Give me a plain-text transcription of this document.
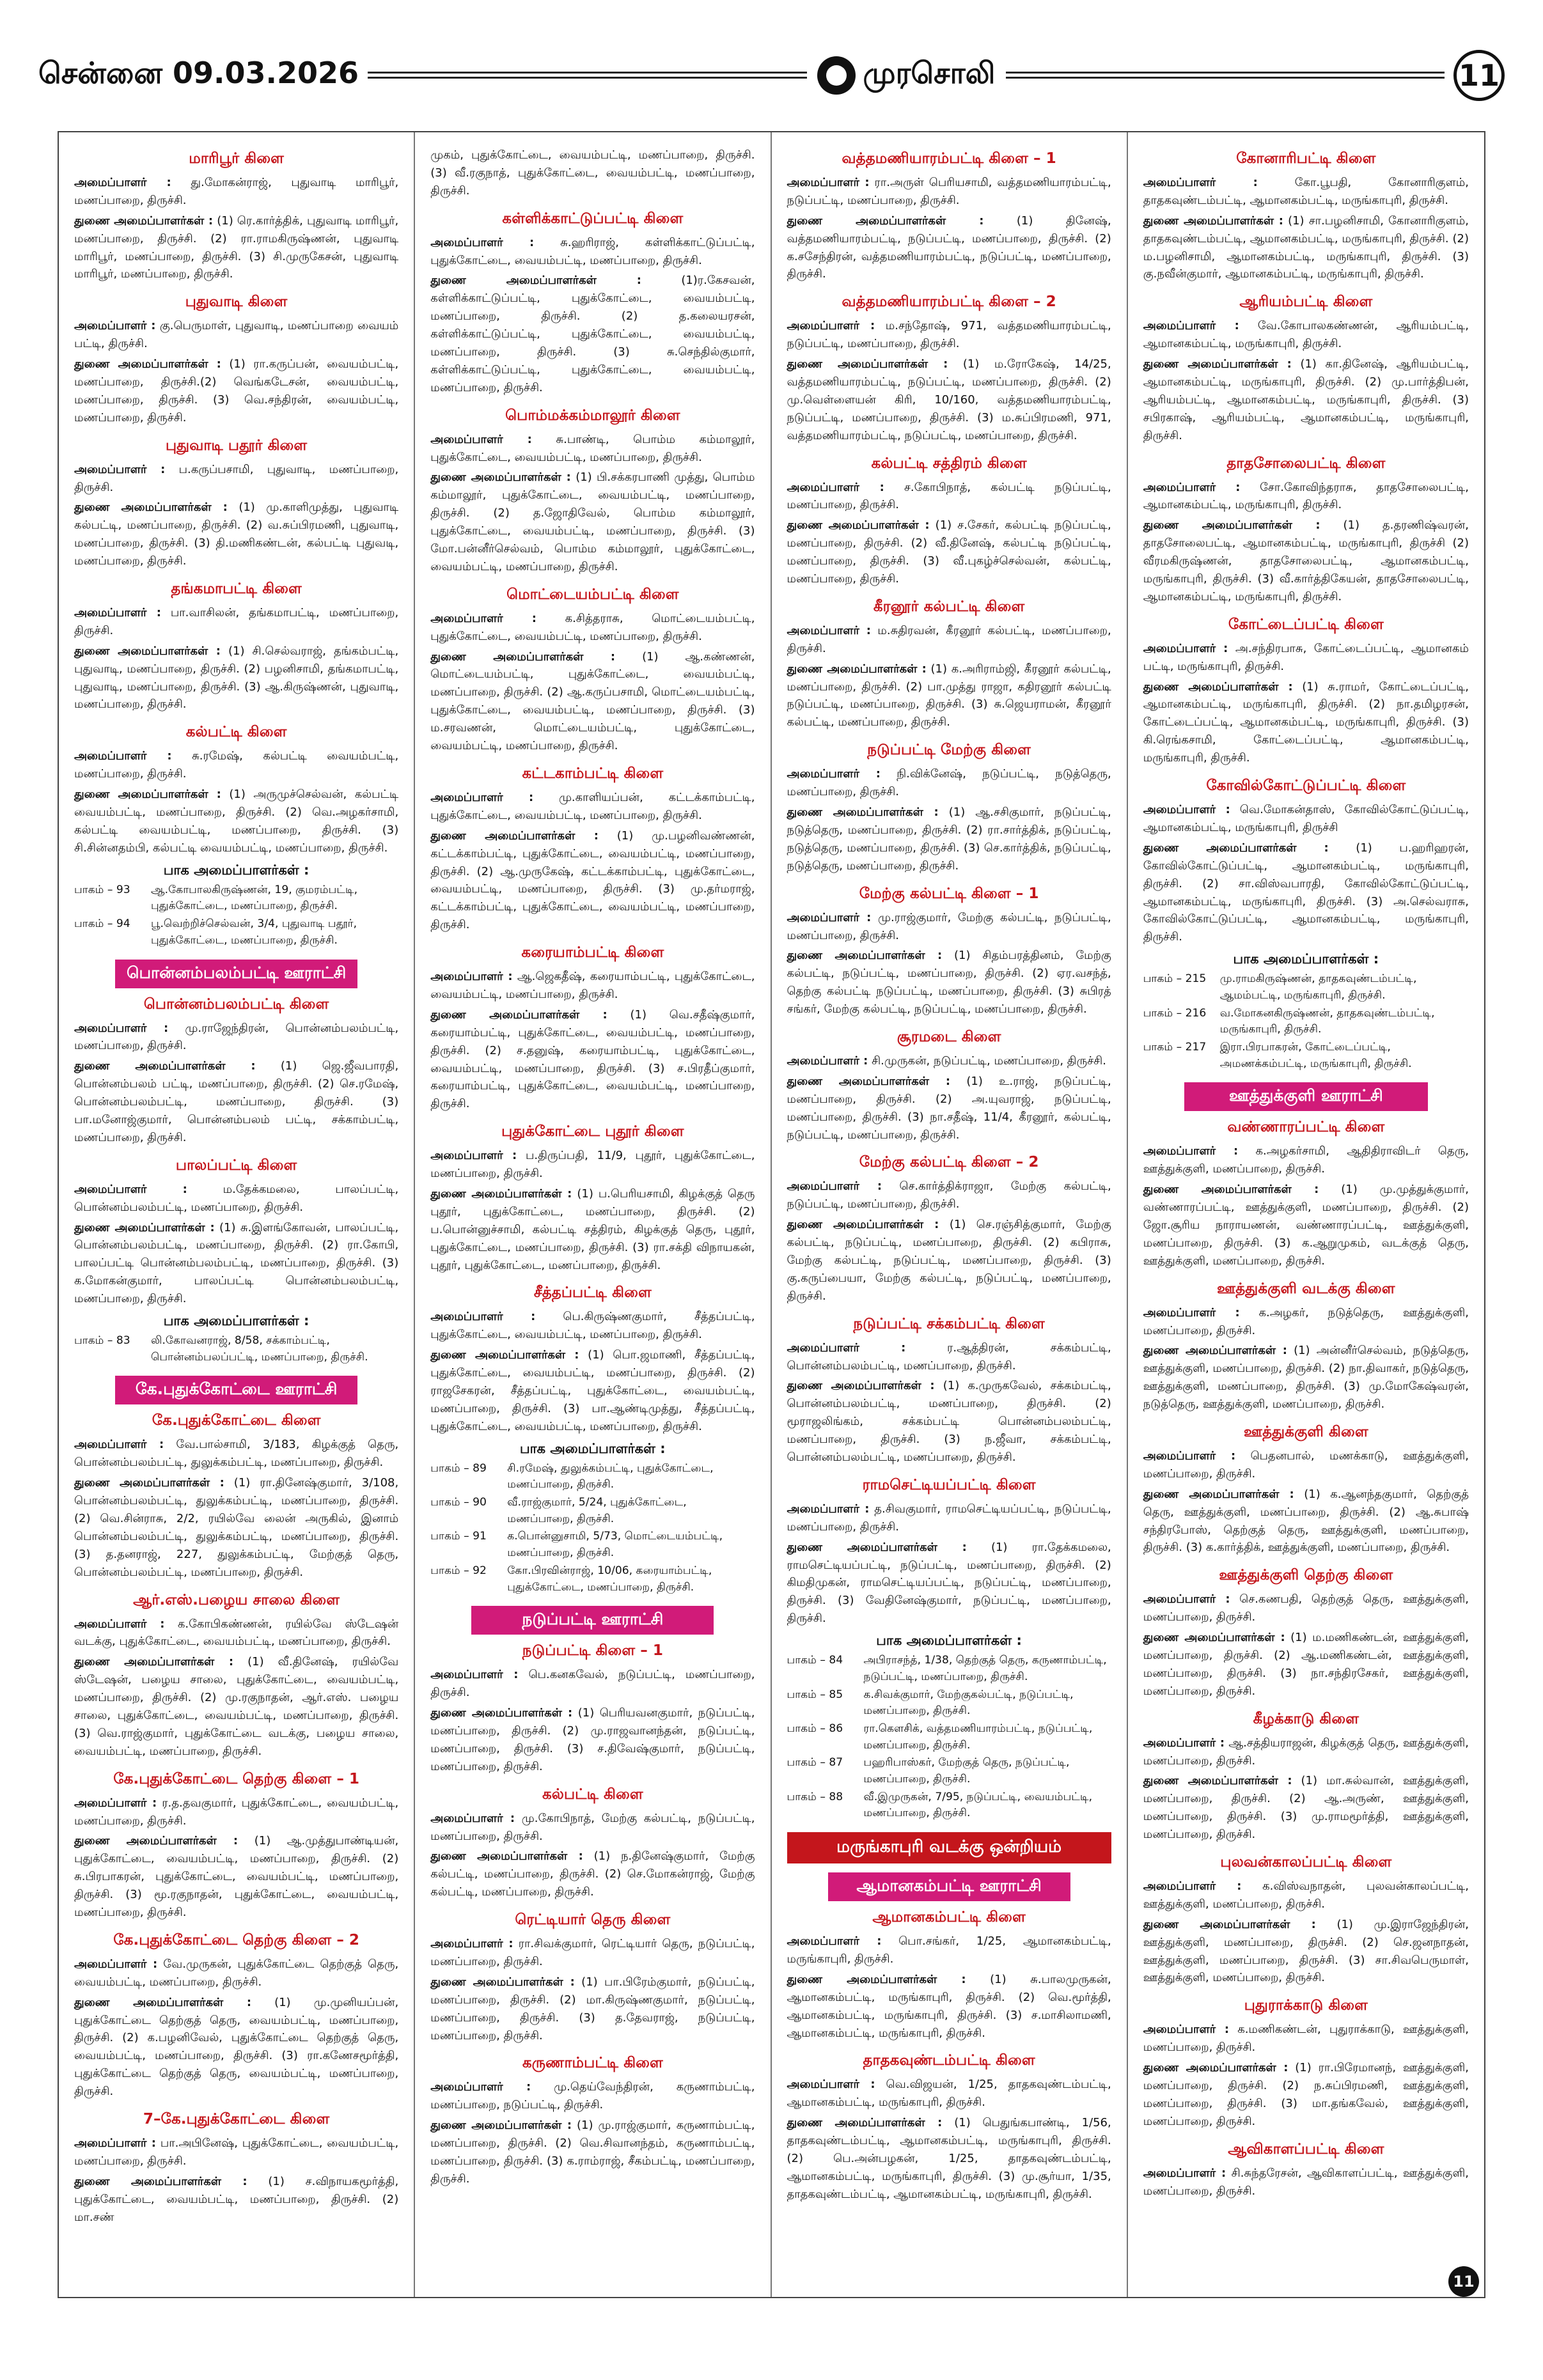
சென்னை 09.03.2026	முரசொலி	11
மாரிபூர் கிளை

அமைப்பாளர் : து.மோகன்ராஜ், புதுவாடி மாரிபூர், மணப்பாறை, திருச்சி.

துணை அமைப்பாளர்கள் : (1) ரெ.கார்த்திக், புதுவாடி மாரிபூர், மணப்பாறை, திருச்சி. (2) ரா.ராமகிருஷ்ணன், புதுவாடி மாரிபூர், மணப்பாறை, திருச்சி. (3) சி.முருகேசன், புதுவாடி மாரிபூர், மணப்பாறை, திருச்சி.

புதுவாடி கிளை

அமைப்பாளர் : கு.பெருமாள், புதுவாடி, மணப்பாறை வையம் பட்டி, திருச்சி.

துணை அமைப்பாளர்கள் : (1) ரா.கருப்பன், வையம்பட்டி, மணப்பாறை, திருச்சி.(2) வெங்கடேசன், வையம்பட்டி, மணப்பாறை, திருச்சி. (3) வெ.சந்திரன், வையம்பட்டி, மணப்பாறை, திருச்சி.

புதுவாடி பதூர் கிளை

அமைப்பாளர் : ப.கருப்பசாமி, புதுவாடி, மணப்பாறை, திருச்சி.

துணை அமைப்பாளர்கள் : (1) மு.காளிமுத்து, புதுவாடி கல்பட்டி, மணப்பாறை, திருச்சி. (2) வ.சுப்பிரமணி, புதுவாடி, மணப்பாறை, திருச்சி. (3) தி.மணிகண்டன், கல்பட்டி புதுவடி, மணப்பாறை, திருச்சி.

தங்கமாபட்டி கிளை

அமைப்பாளர் : பா.வாசிலன், தங்கமாபட்டி, மணப்பாறை, திருச்சி.

துணை அமைப்பாளர்கள் : (1) சி.செல்வராஜ், தங்கம்பட்டி, புதுவாடி, மணப்பாறை, திருச்சி. (2) பழனிசாமி, தங்கமாபட்டி, புதுவாடி, மணப்பாறை, திருச்சி. (3) ஆ.கிருஷ்ணன், புதுவாடி, மணப்பாறை, திருச்சி.

கல்பட்டி கிளை

அமைப்பாளர் : சு.ரமேஷ், கல்பட்டி வையம்பட்டி, மணப்பாறை, திருச்சி.

துணை அமைப்பாளர்கள் : (1) அருமுச்செல்வன், கல்பட்டி வையம்பட்டி, மணப்பாறை, திருச்சி. (2) வெ.அழகர்சாமி, கல்பட்டி வையம்பட்டி, மணப்பாறை, திருச்சி. (3) சி.சின்னதம்பி, கல்பட்டி வையம்பட்டி, மணப்பாறை, திருச்சி.

பாக அமைப்பாளர்கள் :
பாகம் – 93	ஆ.கோபாலகிருஷ்ணன், 19, குமரம்பட்டி, புதுக்கோட்டை, மணப்பாறை, திருச்சி.
பாகம் – 94	பூ.வெற்றிச்செல்வன், 3/4, புதுவாடி பதூர், புதுக்கோட்டை, மணப்பாறை, திருச்சி.
பொன்னம்பலம்பட்டி ஊராட்சி
பொன்னம்பலம்பட்டி கிளை

அமைப்பாளர் : மு.ராஜேந்திரன், பொன்னம்பலம்பட்டி, மணப்பாறை, திருச்சி.

துணை அமைப்பாளர்கள் : (1) ஜெ.ஜீவபாரதி, பொன்னம்பலம் பட்டி, மணப்பாறை, திருச்சி. (2) செ.ரமேஷ், பொன்னம்பலம்பட்டி, மணப்பாறை, திருச்சி. (3) பா.மனோஜ்குமார், பொன்னம்பலம் பட்டி, சக்காம்பட்டி, மணப்பாறை, திருச்சி.

பாலப்பட்டி கிளை

அமைப்பாளர் :	ம.தேக்கமலை, பாலப்பட்டி, பொன்னம்பலம்பட்டி, மணப்பாறை, திருச்சி.

துணை அமைப்பாளர்கள் : (1) சு.இளங்கோவன், பாலப்பட்டி, பொன்னம்பலம்பட்டி, மணப்பாறை, திருச்சி. (2) ரா.கோபி, பாலப்பட்டி பொன்னம்பலம்பட்டி, மணப்பாறை, திருச்சி. (3) க.மோகன்குமார், பாலப்பட்டி பொன்னம்பலம்பட்டி, மணப்பாறை, திருச்சி.

பாக அமைப்பாளர்கள் :
பாகம் – 83	லி.கோவனராஜ், 8/58, சக்காம்பட்டி, பொன்னம்பலப்பட்டி, மணப்பாறை, திருச்சி.
கே.புதுக்கோட்டை ஊராட்சி
கே.புதுக்கோட்டை கிளை

அமைப்பாளர் : வே.பால்சாமி, 3/183, கிழக்குத் தெரு, பொன்னம்பலம்பட்டி, துலுக்கம்பட்டி, மணப்பாறை, திருச்சி.

துணை அமைப்பாளர்கள் : (1) ரா.தினேஷ்குமார், 3/108, பொன்னம்பலம்பட்டி, துலுக்கம்பட்டி, மணப்பாறை, திருச்சி. (2) வெ.சின்ராசு, 2/2, ரயில்வே லைன் அருகில், இனாம் பொன்னம்பலம்பட்டி, துலுக்கம்பட்டி, மணப்பாறை, திருச்சி. (3) த.தனராஜ், 227, துலுக்கம்பட்டி, மேற்குத் தெரு, பொன்னம்பலம்பட்டி, மணப்பாறை, திருச்சி.

ஆர்.எஸ்.பழைய சாலை கிளை

அமைப்பாளர் : க.கோபிகண்ணன், ரயில்வே ஸ்டேஷன் வடக்கு, புதுக்கோட்டை, வையம்பட்டி, மணப்பாறை, திருச்சி.

துணை அமைப்பாளர்கள் : (1) வீ.தினேஷ், ரயில்வே ஸ்டேஷன், பழைய சாலை, புதுக்கோட்டை, வையம்பட்டி, மணப்பாறை, திருச்சி. (2) மு.ரகுநாதன், ஆர்.எஸ். பழைய சாலை, புதுக்கோட்டை, வையம்பட்டி, மணப்பாறை, திருச்சி. (3) வெ.ராஜ்குமார், புதுக்கோட்டை வடக்கு, பழைய சாலை, வையம்பட்டி, மணப்பாறை, திருச்சி.

கே.புதுக்கோட்டை தெற்கு கிளை – 1

அமைப்பாளர் : ர.த.தவகுமார், புதுக்கோட்டை, வையம்பட்டி, மணப்பாறை, திருச்சி.

துணை அமைப்பாளர்கள் : (1) ஆ.முத்துபாண்டியன், புதுக்கோட்டை, வையம்பட்டி, மணப்பாறை, திருச்சி. (2) சு.பிரபாகரன், புதுக்கோட்டை, வையம்பட்டி, மணப்பாறை, திருச்சி. (3) மூ.ரகுநாதன், புதுக்கோட்டை, வையம்பட்டி, மணப்பாறை, திருச்சி.

கே.புதுக்கோட்டை தெற்கு கிளை – 2

அமைப்பாளர் : வே.முருகன், புதுக்கோட்டை தெற்குத் தெரு, வையம்பட்டி, மணப்பாறை, திருச்சி.

துணை அமைப்பாளர்கள் : (1) மு.முனியப்பன், புதுக்கோட்டை தெற்குத் தெரு, வையம்பட்டி, மணப்பாறை, திருச்சி. (2) க.பழனிவேல், புதுக்கோட்டை தெற்குத் தெரு, வையம்பட்டி, மணப்பாறை, திருச்சி. (3) ரா.கணேசமூர்த்தி, புதுக்கோட்டை தெற்குத் தெரு, வையம்பட்டி, மணப்பாறை, திருச்சி.

7–கே.புதுக்கோட்டை கிளை

அமைப்பாளர் : பா.அபினேஷ், புதுக்கோட்டை, வையம்பட்டி, மணப்பாறை, திருச்சி.

துணை அமைப்பாளர்கள் : (1) ச.விநாயகமூர்த்தி, புதுக்கோட்டை, வையம்பட்டி, மணப்பாறை, திருச்சி. (2) மா.சண்

முகம், புதுக்கோட்டை, வையம்பட்டி, மணப்பாறை, திருச்சி. (3) வீ.ரகுநாத், புதுக்கோட்டை, வையம்பட்டி, மணப்பாறை, திருச்சி.

கள்ளிக்காட்டுப்பட்டி கிளை

அமைப்பாளர் : சு.ஹரிராஜ், கள்ளிக்காட்டுப்பட்டி, புதுக்கோட்டை, வையம்பட்டி, மணப்பாறை, திருச்சி.

துணை அமைப்பாளர்கள் :	(1)ர.கேசவன், கள்ளிக்காட்டுப்பட்டி, புதுக்கோட்டை, வையம்பட்டி, மணப்பாறை, திருச்சி. (2) த.கலையரசன், கள்ளிக்காட்டுப்பட்டி, புதுக்கோட்டை, வையம்பட்டி, மணப்பாறை, திருச்சி. (3) சு.செந்தில்குமார், கள்ளிக்காட்டுப்பட்டி, புதுக்கோட்டை, வையம்பட்டி, மணப்பாறை, திருச்சி.

பொம்மக்கம்மாலூர் கிளை

அமைப்பாளர் : சு.பாண்டி, பொம்ம கம்மாலூர், புதுக்கோட்டை, வையம்பட்டி, மணப்பாறை, திருச்சி.

துணை அமைப்பாளர்கள் : (1) பி.சக்கரபாணி முத்து, பொம்ம கம்மாலூர், புதுக்கோட்டை, வையம்பட்டி, மணப்பாறை, திருச்சி. (2) த.ஜோதிவேல், பொம்ம கம்மாலூர், புதுக்கோட்டை, வையம்பட்டி, மணப்பாறை, திருச்சி. (3) மோ.பன்னீர்செல்வம், பொம்ம கம்மாலூர், புதுக்கோட்டை, வையம்பட்டி, மணப்பாறை, திருச்சி.

மொட்டையம்பட்டி கிளை

அமைப்பாளர் : க.சித்தராசு, மொட்டையம்பட்டி, புதுக்கோட்டை, வையம்பட்டி, மணப்பாறை, திருச்சி.

துணை அமைப்பாளர்கள் : (1) ஆ.கண்ணன், மொட்டையம்பட்டி, புதுக்கோட்டை, வையம்பட்டி, மணப்பாறை, திருச்சி. (2) ஆ.கருப்பசாமி, மொட்டையம்பட்டி, புதுக்கோட்டை, வையம்பட்டி, மணப்பாறை, திருச்சி. (3) ம.சரவணன், மொட்டையம்பட்டி, புதுக்கோட்டை, வையம்பட்டி, மணப்பாறை, திருச்சி.

கட்டகாம்பட்டி கிளை

அமைப்பாளர் : மு.காளியப்பன், கட்டக்காம்பட்டி, புதுக்கோட்டை, வையம்பட்டி, மணப்பாறை, திருச்சி.

துணை அமைப்பாளர்கள் : (1) மு.பழனிவண்ணன், கட்டக்காம்பட்டி, புதுக்கோட்டை, வையம்பட்டி, மணப்பாறை, திருச்சி. (2) ஆ.முருகேஷ், கட்டக்காம்பட்டி, புதுக்கோட்டை, வையம்பட்டி, மணப்பாறை, திருச்சி. (3) மு.தர்மராஜ், கட்டக்காம்பட்டி, புதுக்கோட்டை, வையம்பட்டி, மணப்பாறை, திருச்சி.

கரையாம்பட்டி கிளை

அமைப்பாளர் : ஆ.ஜெகதீஷ், கரையாம்பட்டி, புதுக்கோட்டை, வையம்பட்டி, மணப்பாறை, திருச்சி.

துணை அமைப்பாளர்கள் : (1) வெ.சதீஷ்குமார், கரையாம்பட்டி, புதுக்கோட்டை, வையம்பட்டி, மணப்பாறை, திருச்சி. (2) ச.தனுஷ், கரையாம்பட்டி, புதுக்கோட்டை, வையம்பட்டி, மணப்பாறை, திருச்சி. (3) ச.பிரதீப்குமார், கரையாம்பட்டி, புதுக்கோட்டை, வையம்பட்டி, மணப்பாறை, திருச்சி.

புதுக்கோட்டை புதூர் கிளை

அமைப்பாளர் : ப.திருப்பதி, 11/9, புதூர், புதுக்கோட்டை, மணப்பாறை, திருச்சி.

துணை அமைப்பாளர்கள் : (1) ப.பெரியசாமி, கிழக்குத் தெரு புதூர், புதுக்கோட்டை, மணப்பாறை, திருச்சி. (2) ப.பொன்னுச்சாமி, கல்பட்டி சத்திரம், கிழக்குத் தெரு, புதூர், புதுக்கோட்டை, மணப்பாறை, திருச்சி. (3) ரா.சக்தி விநாயகன், புதூர், புதுக்கோட்டை, மணப்பாறை, திருச்சி.

சீத்தப்பட்டி கிளை

அமைப்பாளர் : பெ.கிருஷ்ணகுமார், சீத்தப்பட்டி, புதுக்கோட்டை, வையம்பட்டி, மணப்பாறை, திருச்சி.

துணை அமைப்பாளர்கள் : (1) பொ.ஜமாணி, சீத்தப்பட்டி, புதுக்கோட்டை, வையம்பட்டி, மணப்பாறை, திருச்சி. (2) ராஜசேகரன், சீத்தப்பட்டி, புதுக்கோட்டை, வையம்பட்டி, மணப்பாறை, திருச்சி. (3) பா.ஆண்டிமுத்து, சீத்தப்பட்டி, புதுக்கோட்டை, வையம்பட்டி, மணப்பாறை, திருச்சி.

பாக அமைப்பாளர்கள் :
பாகம் – 89	சி.ரமேஷ், துலுக்கம்பட்டி, புதுக்கோட்டை, மணப்பாறை, திருச்சி.
பாகம் – 90	வீ.ராஜ்குமார், 5/24, புதுக்கோட்டை, மணப்பாறை, திருச்சி.
பாகம் – 91	க.பொன்னுசாமி, 5/73, மொட்டையம்பட்டி, மணப்பாறை, திருச்சி.
பாகம் – 92	கோ.பிரவின்ராஜ், 10/06, கரையாம்பட்டி, புதுக்கோட்டை, மணப்பாறை, திருச்சி.
நடுப்பட்டி ஊராட்சி
நடுப்பட்டி கிளை – 1

அமைப்பாளர் : பெ.கனகவேல், நடுப்பட்டி, மணப்பாறை, திருச்சி.

துணை அமைப்பாளர்கள் : (1) பெரியவனகுமார், நடுப்பட்டி, மணப்பாறை, திருச்சி. (2) மு.ராஜவானந்தன், நடுப்பட்டி, மணப்பாறை, திருச்சி. (3) ச.திவேஷ்குமார், நடுப்பட்டி, மணப்பாறை, திருச்சி.

கல்பட்டி கிளை

அமைப்பாளர் : மு.கோபிநாத், மேற்கு கல்பட்டி, நடுப்பட்டி, மணப்பாறை, திருச்சி.

துணை அமைப்பாளர்கள் : (1) ந.தினேஷ்குமார், மேற்கு கல்பட்டி, மணப்பாறை, திருச்சி. (2) செ.மோகன்ராஜ், மேற்கு கல்பட்டி, மணப்பாறை, திருச்சி.

ரெட்டியார் தெரு கிளை

அமைப்பாளர் : ரா.சிவக்குமார், ரெட்டியார் தெரு, நடுப்பட்டி, மணப்பாறை, திருச்சி.

துணை அமைப்பாளர்கள் : (1) பா.பிரேம்குமார், நடுப்பட்டி, மணப்பாறை, திருச்சி. (2) மா.கிருஷ்ணகுமார், நடுப்பட்டி, மணப்பாறை, திருச்சி. (3) த.தேவராஜ், நடுப்பட்டி, மணப்பாறை, திருச்சி.

கருணாம்பட்டி கிளை

அமைப்பாளர் : மு.தெய்வேந்திரன், கருணாம்பட்டி, மணப்பாறை, நடுப்பட்டி, திருச்சி.

துணை அமைப்பாளர்கள் : (1) மு.ராஜ்குமார், கருணாம்பட்டி, மணப்பாறை, திருச்சி. (2) வெ.சிவானந்தம், கருணாம்பட்டி, மணப்பாறை, திருச்சி. (3) க.ராம்ராஜ், சீகம்பட்டி, மணப்பாறை, திருச்சி.

வத்தமணியாரம்பட்டி கிளை – 1

அமைப்பாளர் : ரா.அருள் பெரியசாமி, வத்தமணியாரம்பட்டி, நடுப்பட்டி, மணப்பாறை, திருச்சி.

துணை அமைப்பாளர்கள் :	(1) தினேஷ், வத்தமணியாரம்பட்டி, நடுப்பட்டி, மணப்பாறை, திருச்சி. (2) க.சசேந்திரன், வத்தமணியாரம்பட்டி, நடுப்பட்டி, மணப்பாறை, திருச்சி.

வத்தமணியாரம்பட்டி கிளை – 2

அமைப்பாளர் : ம.சந்தோஷ், 971, வத்தமணியாரம்பட்டி, நடுப்பட்டி, மணப்பாறை, திருச்சி.

துணை அமைப்பாளர்கள் : (1) ம.ரோகேஷ், 14/25, வத்தமணியாரம்பட்டி, நடுப்பட்டி, மணப்பாறை, திருச்சி. (2) மு.வெள்ளையன் கிரி, 10/160, வத்தமணியாரம்பட்டி, நடுப்பட்டி, மணப்பாறை, திருச்சி. (3) ம.சுப்பிரமணி, 971, வத்தமணியாரம்பட்டி, நடுப்பட்டி, மணப்பாறை, திருச்சி.

கல்பட்டி சத்திரம் கிளை

அமைப்பாளர் : ச.கோபிநாத், கல்பட்டி நடுப்பட்டி, மணப்பாறை, திருச்சி.

துணை அமைப்பாளர்கள் : (1) ச.சேகர், கல்பட்டி நடுப்பட்டி, மணப்பாறை, திருச்சி. (2) வீ.தினேஷ், கல்பட்டி நடுப்பட்டி, மணப்பாறை, திருச்சி. (3) வீ.புகழ்ச்செல்வன், கல்பட்டி, மணப்பாறை, திருச்சி.

கீரனூர் கல்பட்டி கிளை

அமைப்பாளர் : ம.சுதிரவன், கீரனூர் கல்பட்டி, மணப்பாறை, திருச்சி.

துணை அமைப்பாளர்கள் : (1) க.அரிராம்ஜி, கீரனூர் கல்பட்டி, மணப்பாறை, திருச்சி. (2) பா.முத்து ராஜா, கதிரனூர் கல்பட்டி நடுப்பட்டி, மணப்பாறை, திருச்சி. (3) சு.ஜெயராமன், கீரனூர் கல்பட்டி, மணப்பாறை, திருச்சி.

நடுப்பட்டி மேற்கு கிளை

அமைப்பாளர் : நி.விக்னேஷ், நடுப்பட்டி, நடுத்தெரு, மணப்பாறை, திருச்சி.

துணை அமைப்பாளர்கள் : (1) ஆ.சசிகுமார், நடுப்பட்டி, நடுத்தெரு, மணப்பாறை, திருச்சி. (2) ரா.சார்த்திக், நடுப்பட்டி, நடுத்தெரு, மணப்பாறை, திருச்சி. (3) செ.கார்த்திக், நடுப்பட்டி, நடுத்தெரு, மணப்பாறை, திருச்சி.

மேற்கு கல்பட்டி கிளை – 1

அமைப்பாளர் : மு.ராஜ்குமார், மேற்கு கல்பட்டி, நடுப்பட்டி, மணப்பாறை, திருச்சி.

துணை அமைப்பாளர்கள் : (1) சிதம்பரத்தினம், மேற்கு கல்பட்டி, நடுப்பட்டி, மணப்பாறை, திருச்சி. (2) ஏர.வசந்த், தெற்கு கல்பட்டி நடுப்பட்டி, மணப்பாறை, திருச்சி. (3) சுபிரத் சங்கர், மேற்கு கல்பட்டி, நடுப்பட்டி, மணப்பாறை, திருச்சி.

சூரமடை கிளை

அமைப்பாளர் : சி.முருகன், நடுப்பட்டி, மணப்பாறை, திருச்சி.

துணை அமைப்பாளர்கள் : (1) உ.ராஜ், நடுப்பட்டி, மணப்பாறை, திருச்சி. (2) அ.யுவராஜ், நடுப்பட்டி, மணப்பாறை, திருச்சி. (3) நா.சதீஷ், 11/4, கீரனூர், கல்பட்டி, நடுப்பட்டி, மணப்பாறை, திருச்சி.

மேற்கு கல்பட்டி கிளை – 2

அமைப்பாளர் : செ.கார்த்திக்ராஜா, மேற்கு கல்பட்டி, நடுப்பட்டி, மணப்பாறை, திருச்சி.

துணை அமைப்பாளர்கள் : (1) செ.ரஞ்சித்குமார், மேற்கு கல்பட்டி, நடுப்பட்டி, மணப்பாறை, திருச்சி. (2) கபிராசு, மேற்கு கல்பட்டி, நடுப்பட்டி, மணப்பாறை, திருச்சி. (3) கு.கருப்பையா, மேற்கு கல்பட்டி, நடுப்பட்டி, மணப்பாறை, திருச்சி.

நடுப்பட்டி சக்கம்பட்டி கிளை

அமைப்பாளர் :	ர.ஆத்திரன், சக்கம்பட்டி, பொன்னம்பலம்பட்டி, மணப்பாறை, திருச்சி.

துணை அமைப்பாளர்கள் : (1) க.முருகவேல், சக்கம்பட்டி, பொன்னம்பலம்பட்டி, மணப்பாறை, திருச்சி. (2) மூராஜலிங்கம், சக்கம்பட்டி பொன்னம்பலம்பட்டி, மணப்பாறை, திருச்சி. (3) ந.ஜீவா, சக்கம்பட்டி, பொன்னம்பலம்பட்டி, மணப்பாறை, திருச்சி.

ராமசெட்டியப்பட்டி கிளை

அமைப்பாளர் : த.சிவகுமார், ராமசெட்டியப்பட்டி, நடுப்பட்டி, மணப்பாறை, திருச்சி.

துணை அமைப்பாளர்கள் : (1) ரா.தேக்கமலை, ராமசெட்டியப்பட்டி, நடுப்பட்டி, மணப்பாறை, திருச்சி. (2) கிமதிமுகன், ராமசெட்டியப்பட்டி, நடுப்பட்டி, மணப்பாறை, திருச்சி. (3) வேதினேஷ்குமார், நடுப்பட்டி, மணப்பாறை, திருச்சி.

பாக அமைப்பாளர்கள் :
பாகம் – 84	அபிராசந்த், 1/38, தெற்குத் தெரு, கருணாம்பட்டி, நடுப்பட்டி, மணப்பாறை, திருச்சி.
பாகம் – 85	க.சிவக்குமார், மேற்குகல்பட்டி, நடுப்பட்டி, மணப்பாறை, திருச்சி.
பாகம் – 86	ரா.கௌசிக், வத்தமணியாரம்பட்டி, நடுப்பட்டி, மணப்பாறை, திருச்சி.
பாகம் – 87	பஹரிபாஸ்கர், மேற்குத் தெரு, நடுப்பட்டி, மணப்பாறை, திருச்சி.
பாகம் – 88	வீ.இமுருகன், 7/95, நடுப்பட்டி, வையம்பட்டி, மணப்பாறை, திருச்சி.
மருங்காபுரி வடக்கு ஒன்றியம்
ஆமானகம்பட்டி ஊராட்சி
ஆமானகம்பட்டி கிளை

அமைப்பாளர் : பொ.சங்கர், 1/25, ஆமானகம்பட்டி, மருங்காபுரி, திருச்சி.

துணை அமைப்பாளர்கள் : (1) சு.பாலமுருகன், ஆமானகம்பட்டி, மருங்காபுரி, திருச்சி. (2) வெ.மூர்த்தி, ஆமானகம்பட்டி, மருங்காபுரி, திருச்சி. (3) ச.மாசிலாமணி, ஆமானகம்பட்டி, மருங்காபுரி, திருச்சி.

தாதகவுண்டம்பட்டி கிளை

அமைப்பாளர் : வெ.விஜயன், 1/25, தாதகவுண்டம்பட்டி, ஆமானகம்பட்டி, மருங்காபுரி, திருச்சி.

துணை அமைப்பாளர்கள் : (1) பெதுங்கபாண்டி, 1/56, தாதகவுண்டம்பட்டி, ஆமானகம்பட்டி, மருங்காபுரி, திருச்சி. (2) பெ.அன்பழகன், 1/25, தாதகவுண்டம்பட்டி, ஆமானகம்பட்டி, மருங்காபுரி, திருச்சி. (3) மு.சூர்யா, 1/35, தாதகவுண்டம்பட்டி, ஆமானகம்பட்டி, மருங்காபுரி, திருச்சி.

கோனாரிபட்டி கிளை

அமைப்பாளர் :	கோ.பூபதி, கோனாரிகுளம், தாதகவுண்டம்பட்டி, ஆமானகம்பட்டி, மருங்காபுரி, திருச்சி.

துணை அமைப்பாளர்கள் : (1) சா.பழனிசாமி, கோனாரிகுளம், தாதகவுண்டம்பட்டி, ஆமானகம்பட்டி, மருங்காபுரி, திருச்சி. (2) ம.பழனிசாமி, ஆமானகம்பட்டி, மருங்காபுரி, திருச்சி. (3) கு.நவீன்குமார், ஆமானகம்பட்டி, மருங்காபுரி, திருச்சி.

ஆரியம்பட்டி கிளை

அமைப்பாளர் : வே.கோபாலகண்ணன், ஆரியம்பட்டி, ஆமானகம்பட்டி, மருங்காபுரி, திருச்சி.

துணை அமைப்பாளர்கள் : (1) கா.தினேஷ், ஆரியம்பட்டி, ஆமானகம்பட்டி, மருங்காபுரி, திருச்சி. (2) மு.பார்த்திபன், ஆரியம்பட்டி, ஆமானகம்பட்டி, மருங்காபுரி, திருச்சி. (3) சபிரகாஷ், ஆரியம்பட்டி, ஆமானகம்பட்டி, மருங்காபுரி, திருச்சி.

தாதசோலைபட்டி கிளை

அமைப்பாளர் : சோ.கோவிந்தராசு, தாதசோலைபட்டி, ஆமானகம்பட்டி, மருங்காபுரி, திருச்சி.

துணை அமைப்பாளர்கள் : (1) த.தரணிஷ்வரன், தாதசோலைபட்டி, ஆமானகம்பட்டி, மருங்காபுரி, திருச்சி (2) வீரமகிருஷ்ணன், தாதசோலைபட்டி, ஆமானகம்பட்டி, மருங்காபுரி, திருச்சி. (3) வீ.கார்த்திகேயன், தாதசோலைபட்டி, ஆமானகம்பட்டி, மருங்காபுரி, திருச்சி.

கோட்டைப்பட்டி கிளை

அமைப்பாளர் : அ.சந்திரபாசு, கோட்டைப்பட்டி, ஆமானகம் பட்டி, மருங்காபுரி, திருச்சி.

துணை அமைப்பாளர்கள் : (1) சு.ராமர், கோட்டைப்பட்டி, ஆமானகம்பட்டி, மருங்காபுரி, திருச்சி. (2) நா.தமிழரசன், கோட்டைப்பட்டி, ஆமானகம்பட்டி, மருங்காபுரி, திருச்சி. (3) கி.ரெங்கசாமி, கோட்டைப்பட்டி, ஆமானகம்பட்டி, மருங்காபுரி, திருச்சி.

கோவில்கோட்டுப்பட்டி கிளை

அமைப்பாளர் : வெ.மோகன்தாஸ், கோவில்கோட்டுப்பட்டி, ஆமானகம்பட்டி, மருங்காபுரி, திருச்சி

துணை அமைப்பாளர்கள் : (1) ப.ஹரிஹரன், கோவில்கோட்டுப்பட்டி, ஆமானகம்பட்டி, மருங்காபுரி, திருச்சி. (2) சா.விஸ்வபாரதி, கோவில்கோட்டுப்பட்டி, ஆமானகம்பட்டி, மருங்காபுரி, திருச்சி. (3) அ.செல்வராசு, கோவில்கோட்டுப்பட்டி, ஆமானகம்பட்டி, மருங்காபுரி, திருச்சி.

பாக அமைப்பாளர்கள் :
பாகம் – 215	மு.ராமகிருஷ்ணன், தாதகவுண்டம்பட்டி, ஆமம்பட்டி, மருங்காபுரி, திருச்சி.
பாகம் – 216	வ.மோகனகிருஷ்ணன், தாதகவுண்டம்பட்டி, மருங்காபுரி, திருச்சி.
பாகம் – 217	இரா.பிரபாகரன், கோட்டைப்பட்டி, அமணக்கம்பட்டி, மருங்காபுரி, திருச்சி.
ஊத்துக்குளி ஊராட்சி
வண்ணாரப்பட்டி கிளை

அமைப்பாளர் : க.அழகர்சாமி, ஆதிதிராவிடர் தெரு, ஊத்துக்குளி, மணப்பாறை, திருச்சி.

துணை அமைப்பாளர்கள் : (1) மு.முத்துக்குமார், வண்ணாரப்பட்டி, ஊத்துக்குளி, மணப்பாறை, திருச்சி. (2) ஜோ.சூரிய நாராயணன், வண்ணாரப்பட்டி, ஊத்துக்குளி, மணப்பாறை, திருச்சி. (3) க.ஆறுமுகம், வடக்குத் தெரு, ஊத்துக்குளி, மணப்பாறை, திருச்சி.

ஊத்துக்குளி வடக்கு கிளை

அமைப்பாளர் : க.அழகர், நடுத்தெரு, ஊத்துக்குளி, மணப்பாறை, திருச்சி.

துணை அமைப்பாளர்கள் : (1) அன்னீர்செல்வம், நடுத்தெரு, ஊத்துக்குளி, மணப்பாறை, திருச்சி. (2) நா.திவாகர், நடுத்தெரு, ஊத்துக்குளி, மணப்பாறை, திருச்சி. (3) மு.மோகேஷ்வரன், நடுத்தெரு, ஊத்துக்குளி, மணப்பாறை, திருச்சி.

ஊத்துக்குளி கிளை

அமைப்பாளர் : பெதனபால், மணக்காடு, ஊத்துக்குளி, மணப்பாறை, திருச்சி.

துணை அமைப்பாளர்கள் : (1) க.ஆனந்தகுமார், தெற்குத் தெரு, ஊத்துக்குளி, மணப்பாறை, திருச்சி. (2) ஆ.சுபாஷ் சந்திரபோஸ், தெற்குத் தெரு, ஊத்துக்குளி, மணப்பாறை, திருச்சி. (3) க.கார்த்திக், ஊத்துக்குளி, மணப்பாறை, திருச்சி.

ஊத்துக்குளி தெற்கு கிளை

அமைப்பாளர் : செ.கணபதி, தெற்குத் தெரு, ஊத்துக்குளி, மணப்பாறை, திருச்சி.

துணை அமைப்பாளர்கள் : (1) ம.மணிகண்டன், ஊத்துக்குளி, மணப்பாறை, திருச்சி. (2) ஆ.மணிகண்டன், ஊத்துக்குளி, மணப்பாறை, திருச்சி. (3) நா.சந்திரசேகர், ஊத்துக்குளி, மணப்பாறை, திருச்சி.

கீழக்காடு கிளை

அமைப்பாளர் : ஆ.சத்தியராஜன், கிழக்குத் தெரு, ஊத்துக்குளி, மணப்பாறை, திருச்சி.

துணை அமைப்பாளர்கள் : (1) மா.சுல்வான், ஊத்துக்குளி, மணப்பாறை, திருச்சி. (2) ஆ.அருண், ஊத்துக்குளி, மணப்பாறை, திருச்சி. (3) மு.ராமமூர்த்தி, ஊத்துக்குளி, மணப்பாறை, திருச்சி.

புலவன்காலப்பட்டி கிளை

அமைப்பாளர் : க.விஸ்வநாதன், புலவன்காலப்பட்டி, ஊத்துக்குளி, மணப்பாறை, திருச்சி.

துணை அமைப்பாளர்கள் : (1) மு.இராஜேந்திரன், ஊத்துக்குளி, மணப்பாறை, திருச்சி. (2) செ.ஜனநாதன், ஊத்துக்குளி, மணப்பாறை, திருச்சி. (3) சா.சிவபெருமாள், ஊத்துக்குளி, மணப்பாறை, திருச்சி.

புதுராக்காடு கிளை

அமைப்பாளர் : க.மணிகண்டன், புதுராக்காடு, ஊத்துக்குளி, மணப்பாறை, திருச்சி.

துணை அமைப்பாளர்கள் : (1) ரா.பிரேமானந், ஊத்துக்குளி, மணப்பாறை, திருச்சி. (2) ந.சுப்பிரமணி, ஊத்துக்குளி, மணப்பாறை, திருச்சி. (3) மா.தங்கவேல், ஊத்துக்குளி, மணப்பாறை, திருச்சி.

ஆவிகாளப்பட்டி கிளை

அமைப்பாளர் : சி.சுந்தரேசன், ஆவிகாளப்பட்டி, ஊத்துக்குளி, மணப்பாறை, திருச்சி.

11
